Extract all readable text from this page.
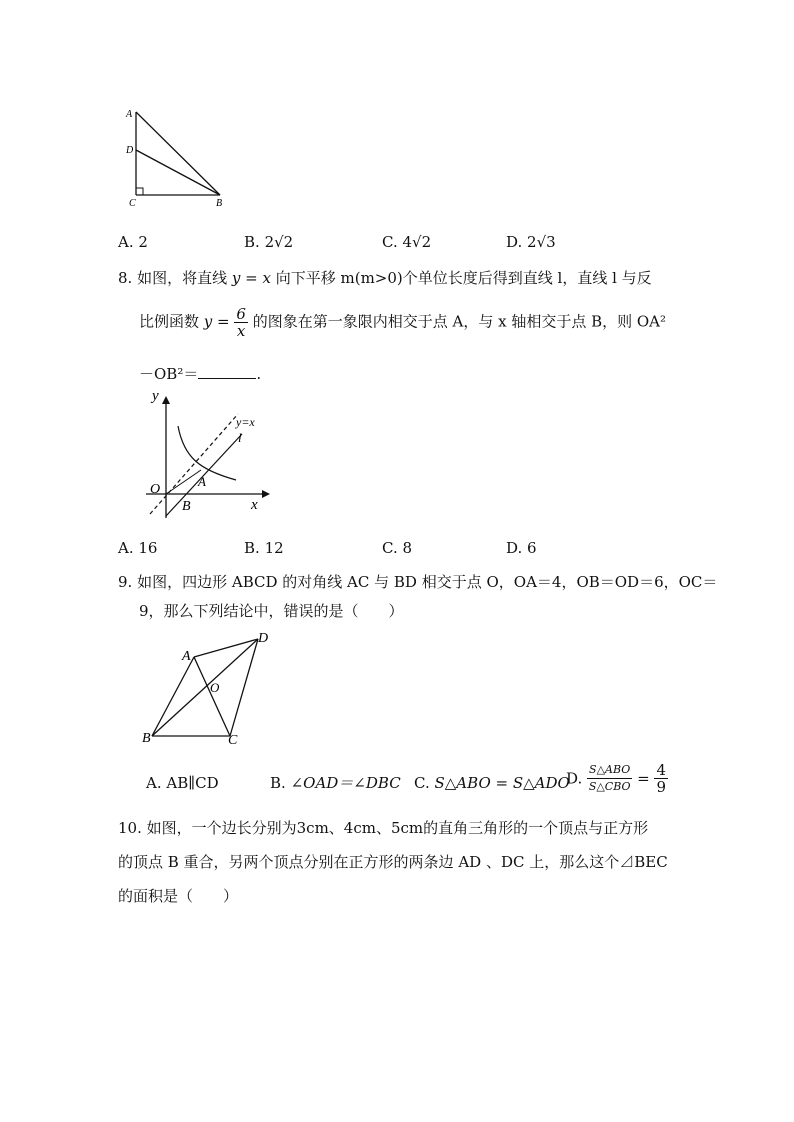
A
D
C	B
A. 2	B. 2√2	C. 4√2	D. 2√3
8. 如图，将直线 y = x 向下平移 m(m>0)个单位长度后得到直线 l，直线 l 与反
比例函数 $y = \frac{6}{x}$ 的图象在第一象限内相交于点 A，与 x 轴相交于点 B，则 OA²
－OB²＝	.
y
x
O
A
B
y=x
l
A. 16	B. 12	C. 8	D. 6
9. 如图，四边形 ABCD 的对角线 AC 与 BD 相交于点 O，OA＝4，OB＝OD＝6，OC＝
9，那么下列结论中，错误的是（　　）
A
B	C
D
O
A. AB∥CD	B. ∠OAD＝∠DBC C. S△ABO = S△ADO
D. $\frac{\text{S△ABO}}{\text{S△CBO}} = \frac{4}{9}$
10. 如图，一个边长分别为3cm、4cm、5cm的直角三角形的一个顶点与正方形
的顶点 B 重合，另两个顶点分别在正方形的两条边 AD 、DC 上，那么这个⊿BEC
的面积是（　　）
